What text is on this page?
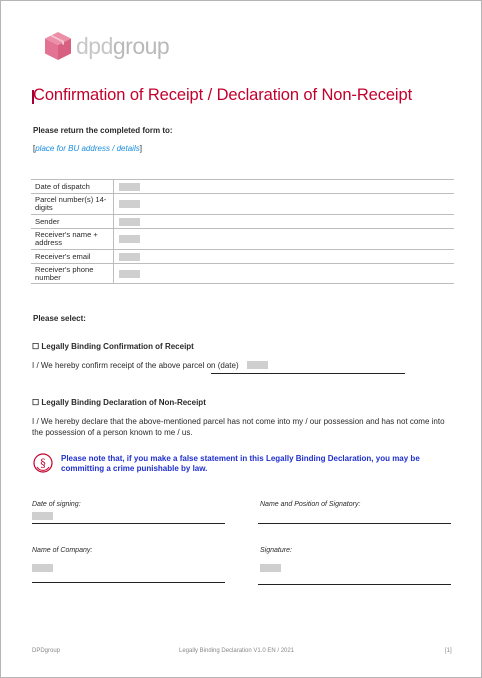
dpdgroup
Confirmation of Receipt / Declaration of Non-Receipt
Please return the completed form to:
[place for BU address / details]
Date of dispatch	
Parcel number(s) 14-digits	
Sender	
Receiver's name + address	
Receiver's email	
Receiver's phone number	
Please select:
☐ Legally Binding Confirmation of Receipt
I / We hereby confirm receipt of the above parcel on (date)
☐ Legally Binding Declaration of Non-Receipt
I / We hereby declare that the above-mentioned parcel has not come into my / our possession and has not come into
the possession of a person known to me / us.
§ Please note that, if you make a false statement in this Legally Binding Declaration, you may be committing a crime punishable by law.
Date of signing:	Name and Position of Signatory:
Name of Company:	Signature:
DPDgroup	Legally Binding Declaration V1.0 EN / 2021	[1]
